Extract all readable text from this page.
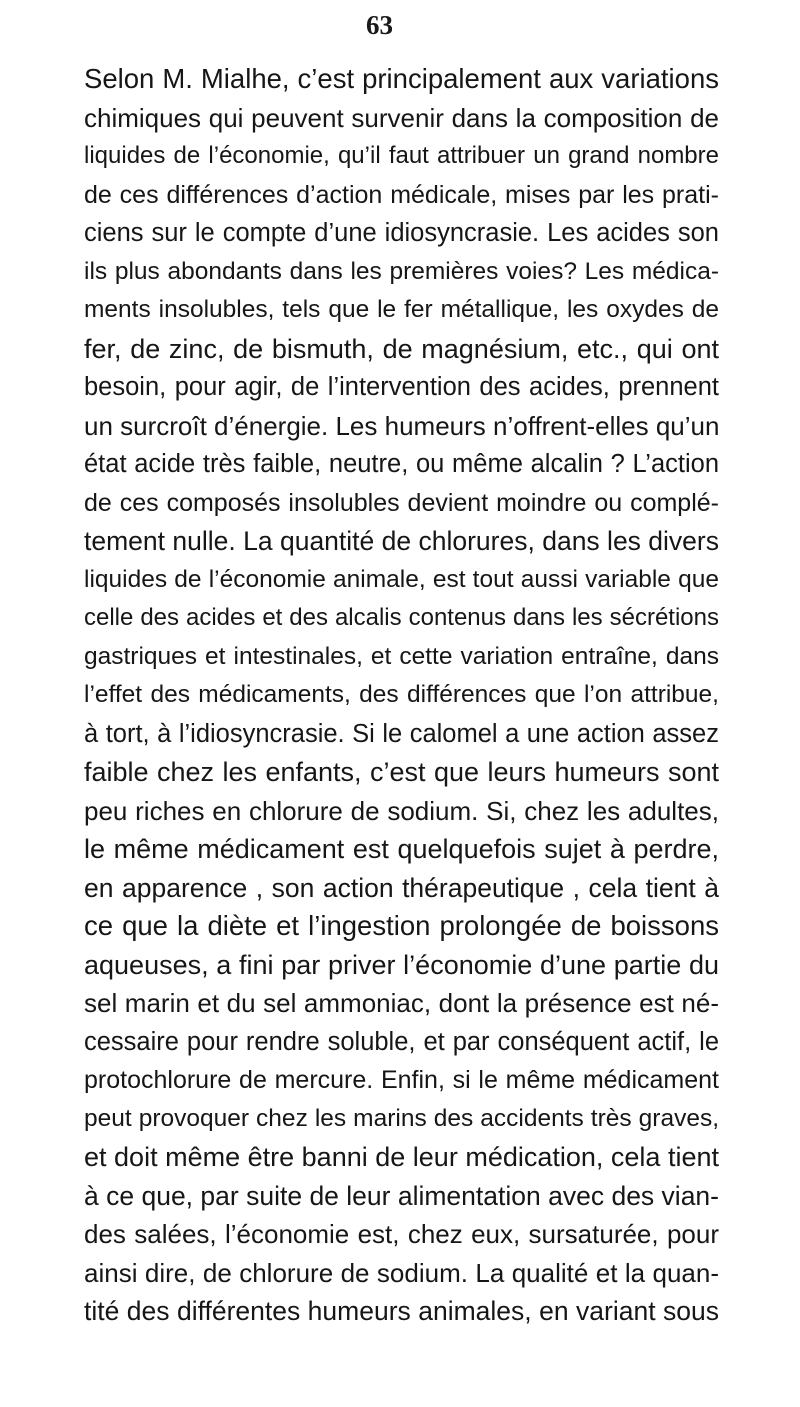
63
Selon M. Mialhe, c’est principalement aux variations
chimiques qui peuvent survenir dans la composition de
liquides de l’économie, qu’il faut attribuer un grand nombre
de ces différences d’action médicale, mises par les prati-
ciens sur le compte d’une idiosyncrasie. Les acides son
ils plus abondants dans les premières voies? Les médica-
ments insolubles, tels que le fer métallique, les oxydes de
fer, de zinc, de bismuth, de magnésium, etc., qui ont
besoin, pour agir, de l’intervention des acides, prennent
un surcroît d’énergie. Les humeurs n’offrent-elles qu’un
état acide très faible, neutre, ou même alcalin ? L’action
de ces composés insolubles devient moindre ou complé-
tement nulle. La quantité de chlorures, dans les divers
liquides de l’économie animale, est tout aussi variable que
celle des acides et des alcalis contenus dans les sécrétions
gastriques et intestinales, et cette variation entraîne, dans
l’effet des médicaments, des différences que l’on attribue,
à tort, à l’idiosyncrasie. Si le calomel a une action assez
faible chez les enfants, c’est que leurs humeurs sont
peu riches en chlorure de sodium. Si, chez les adultes,
le même médicament est quelquefois sujet à perdre,
en apparence , son action thérapeutique , cela tient à
ce que la diète et l’ingestion prolongée de boissons
aqueuses, a fini par priver l’économie d’une partie du
sel marin et du sel ammoniac, dont la présence est né-
cessaire pour rendre soluble, et par conséquent actif, le
protochlorure de mercure. Enfin, si le même médicament
peut provoquer chez les marins des accidents très graves,
et doit même être banni de leur médication, cela tient
à ce que, par suite de leur alimentation avec des vian-
des salées, l’économie est, chez eux, sursaturée, pour
ainsi dire, de chlorure de sodium. La qualité et la quan-
tité des différentes humeurs animales, en variant sous
